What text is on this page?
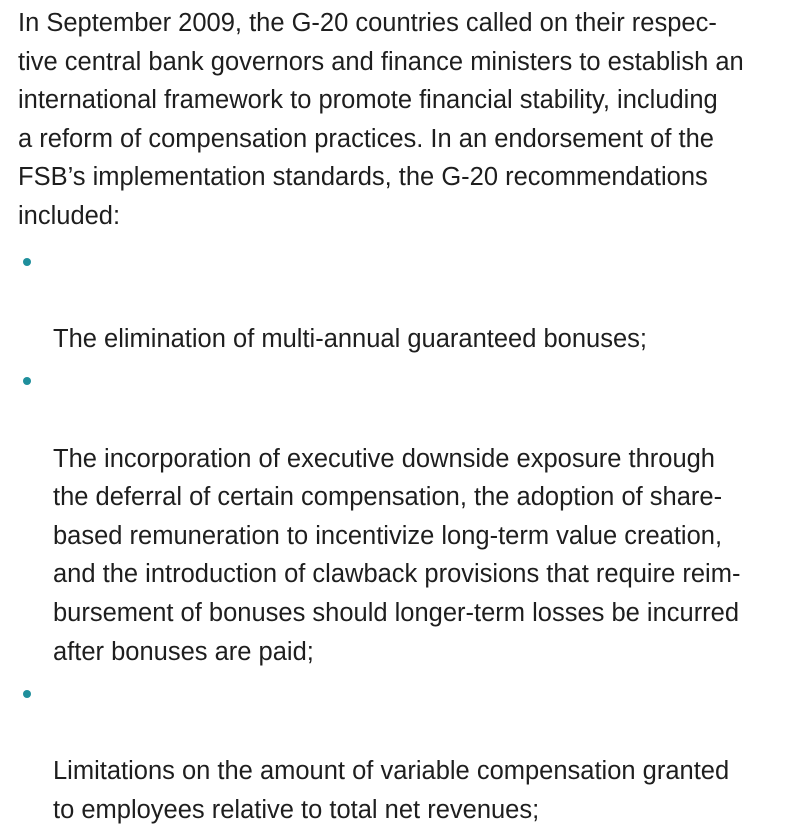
In September 2009, the G-20 countries called on their respec-
tive central bank governors and finance ministers to establish an
international framework to promote financial stability, including
a reform of compensation practices. In an endorsement of the
FSB’s implementation standards, the G-20 recommendations
included:

The elimination of multi-annual guaranteed bonuses;

The incorporation of executive downside exposure through
the deferral of certain compensation, the adoption of share-
based remuneration to incentivize long-term value creation,
and the introduction of clawback provisions that require reim-
bursement of bonuses should longer-term losses be incurred
after bonuses are paid;

Limitations on the amount of variable compensation granted
to employees relative to total net revenues;
